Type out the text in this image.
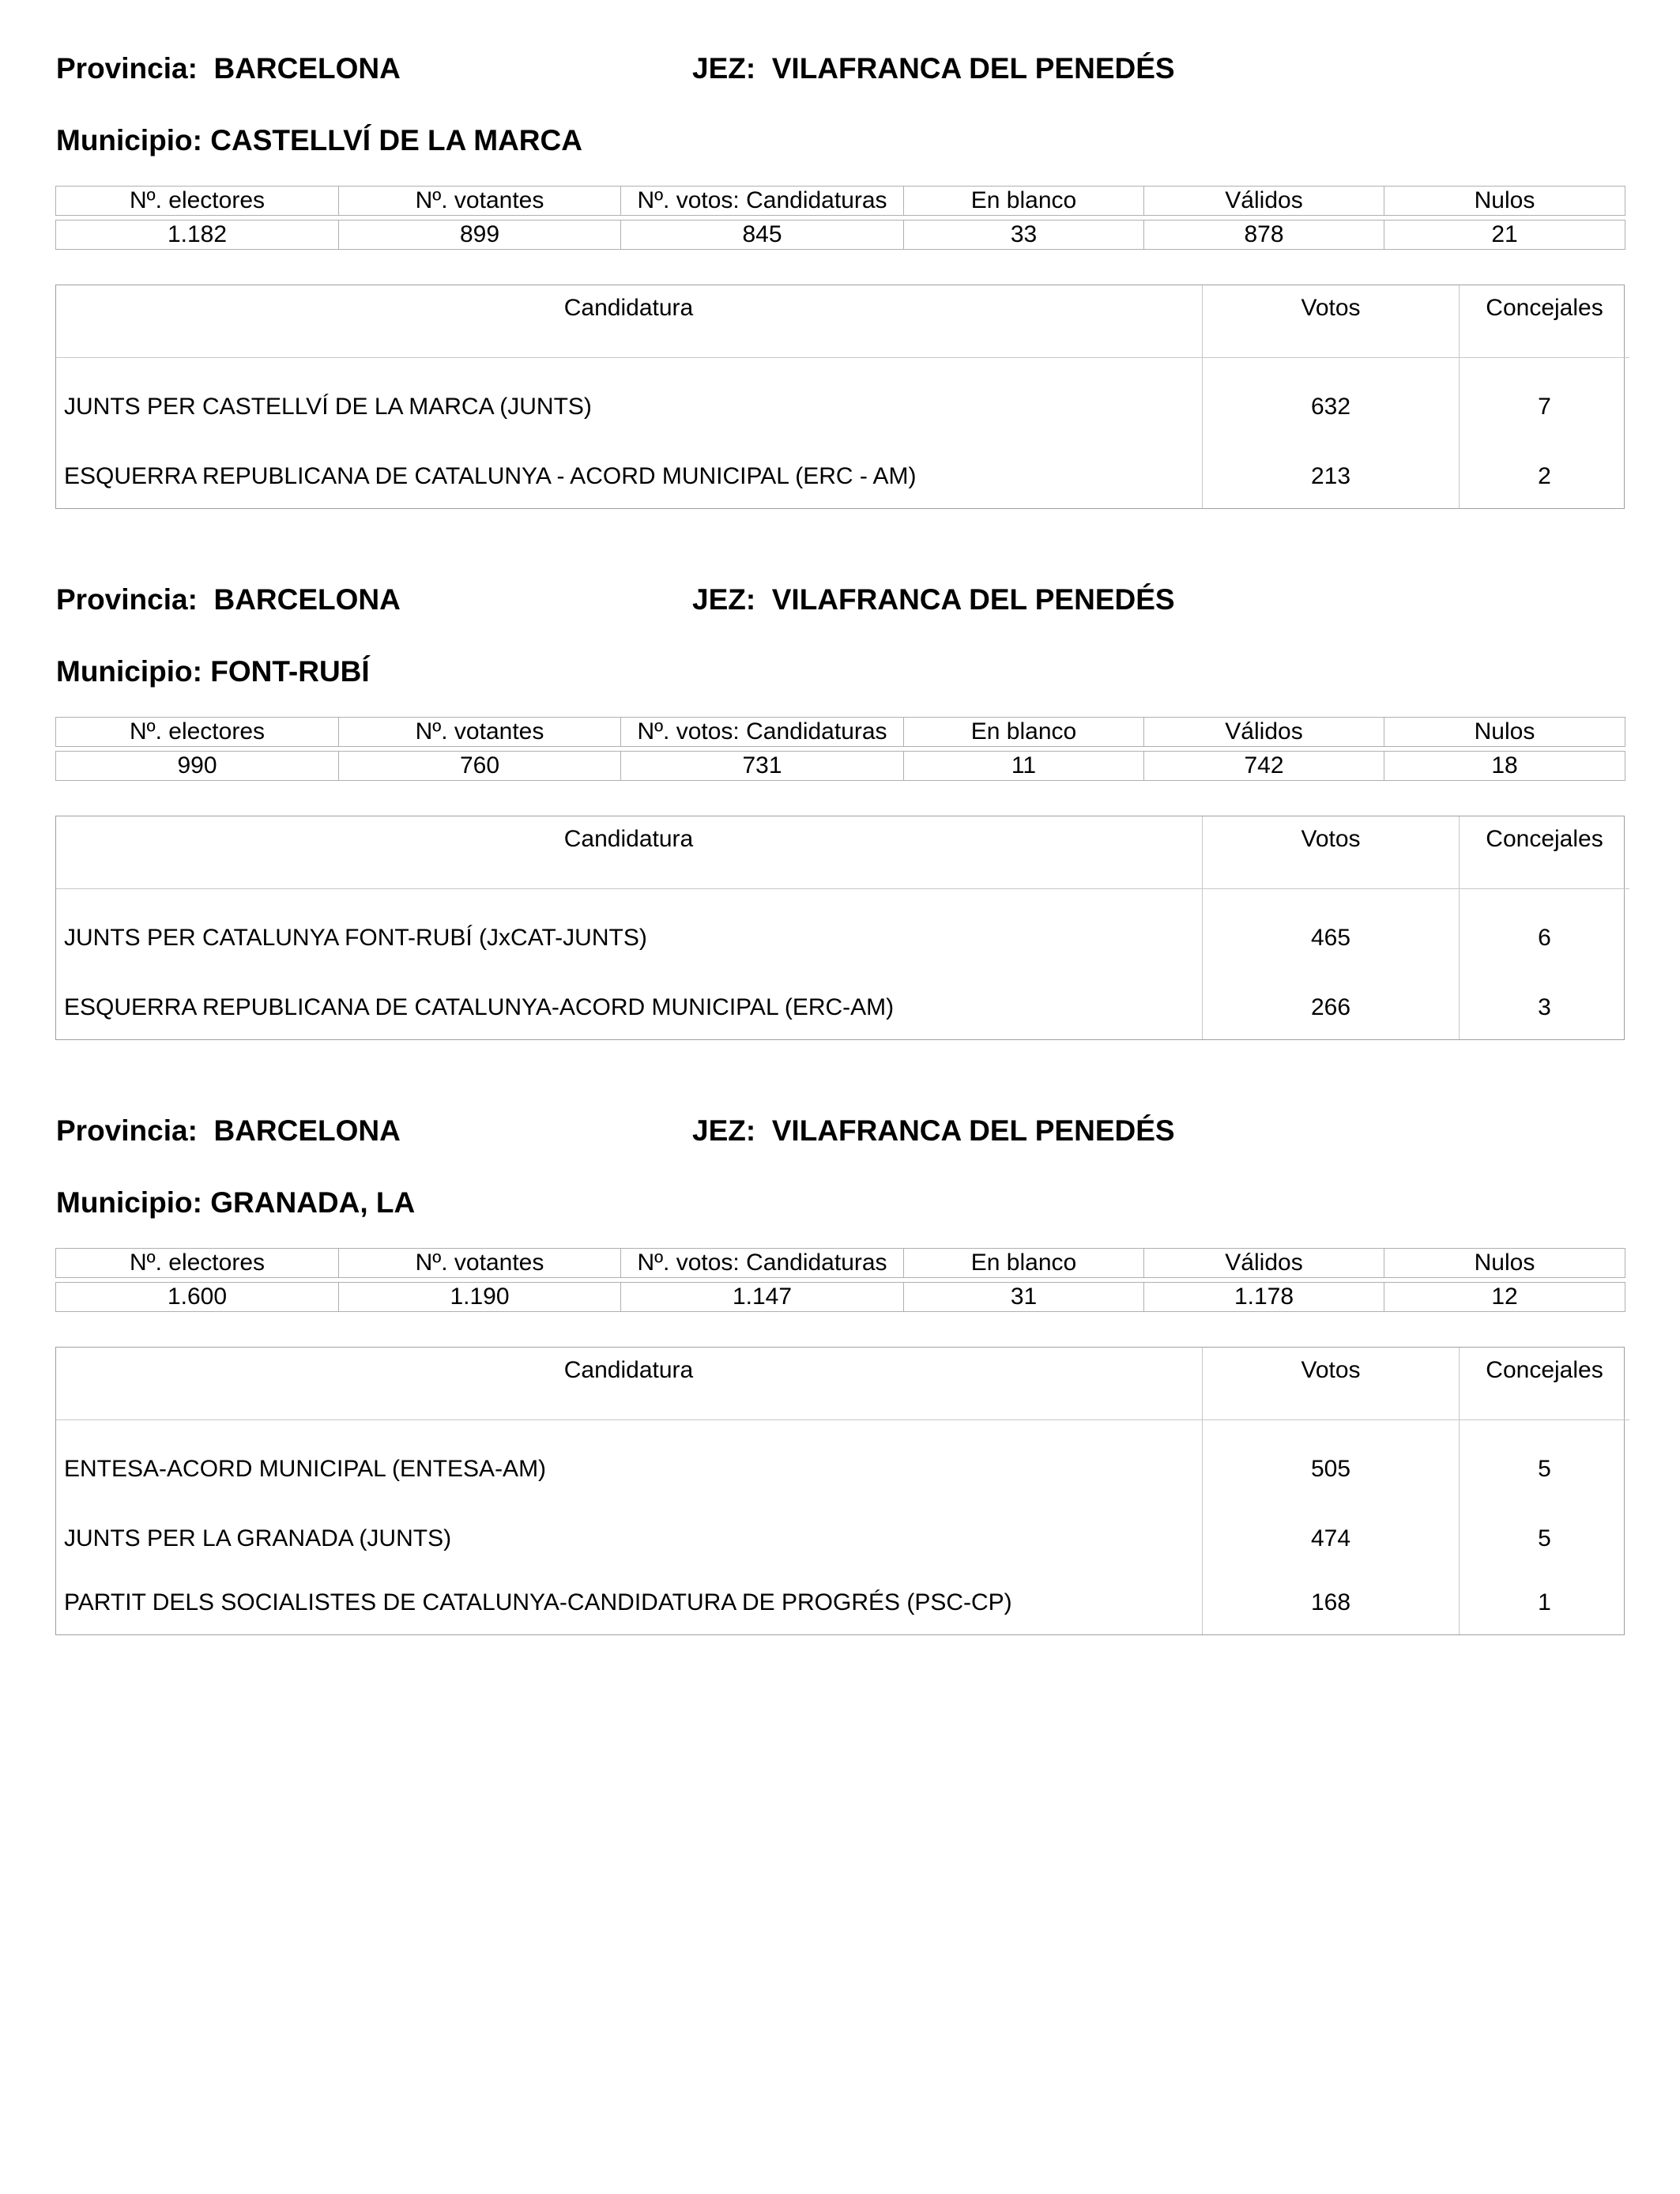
Provincia: BARCELONA	JEZ: VILAFRANCA DEL PENEDÉS
Municipio: CASTELLVÍ DE LA MARCA
Nº. electores	Nº. votantes	Nº. votos: Candidaturas	En blanco	Válidos	Nulos

1.182	899	845	33	878	21
Candidatura	Votos	Concejales
JUNTS PER CASTELLVÍ DE LA MARCA (JUNTS)	632	7
ESQUERRA REPUBLICANA DE CATALUNYA - ACORD MUNICIPAL (ERC - AM)	213	2
Provincia: BARCELONA	JEZ: VILAFRANCA DEL PENEDÉS
Municipio: FONT-RUBÍ
Nº. electores	Nº. votantes	Nº. votos: Candidaturas	En blanco	Válidos	Nulos

990	760	731	11	742	18
Candidatura	Votos	Concejales
JUNTS PER CATALUNYA FONT-RUBÍ (JxCAT-JUNTS)	465	6
ESQUERRA REPUBLICANA DE CATALUNYA-ACORD MUNICIPAL (ERC-AM)	266	3
Provincia: BARCELONA	JEZ: VILAFRANCA DEL PENEDÉS
Municipio: GRANADA, LA
Nº. electores	Nº. votantes	Nº. votos: Candidaturas	En blanco	Válidos	Nulos

1.600	1.190	1.147	31	1.178	12
Candidatura	Votos	Concejales
ENTESA-ACORD MUNICIPAL (ENTESA-AM)	505	5
JUNTS PER LA GRANADA (JUNTS)	474	5
PARTIT DELS SOCIALISTES DE CATALUNYA-CANDIDATURA DE PROGRÉS (PSC-CP)	168	1
